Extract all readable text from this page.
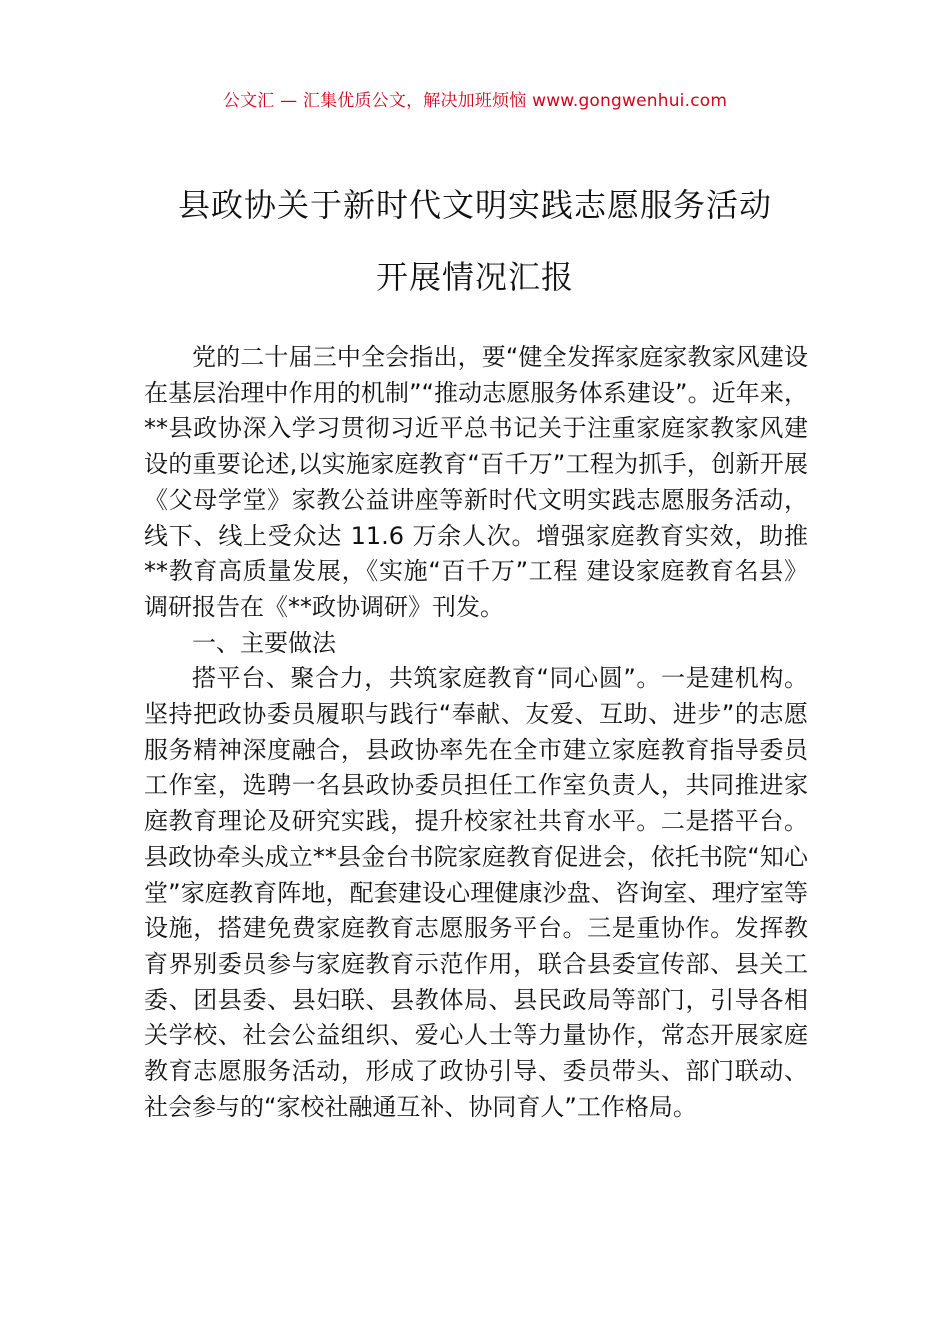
公文汇 — 汇集优质公文，解决加班烦恼 www.gongwenhui.com
县政协关于新时代文明实践志愿服务活动
开展情况汇报

党的二十届三中全会指出，要“健全发挥家庭家教家风建设在基层治理中作用的机制”“推动志愿服务体系建设”。近年来，**县政协深入学习贯彻习近平总书记关于注重家庭家教家风建设的重要论述,以实施家庭教育“百千万”工程为抓手，创新开展《父母学堂》家教公益讲座等新时代文明实践志愿服务活动，线下、线上受众达 11.6 万余人次。增强家庭教育实效，助推**教育高质量发展，《实施“百千万”工程 建设家庭教育名县》调研报告在《**政协调研》刊发。

一、主要做法

搭平台、聚合力，共筑家庭教育“同心圆”。一是建机构。坚持把政协委员履职与践行“奉献、友爱、互助、进步”的志愿服务精神深度融合，县政协率先在全市建立家庭教育指导委员工作室，选聘一名县政协委员担任工作室负责人，共同推进家庭教育理论及研究实践，提升校家社共育水平。二是搭平台。县政协牵头成立**县金台书院家庭教育促进会，依托书院“知心堂”家庭教育阵地，配套建设心理健康沙盘、咨询室、理疗室等设施，搭建免费家庭教育志愿服务平台。三是重协作。发挥教育界别委员参与家庭教育示范作用，联合县委宣传部、县关工委、团县委、县妇联、县教体局、县民政局等部门，引导各相关学校、社会公益组织、爱心人士等力量协作，常态开展家庭教育志愿服务活动，形成了政协引导、委员带头、部门联动、社会参与的“家校社融通互补、协同育人”工作格局。
